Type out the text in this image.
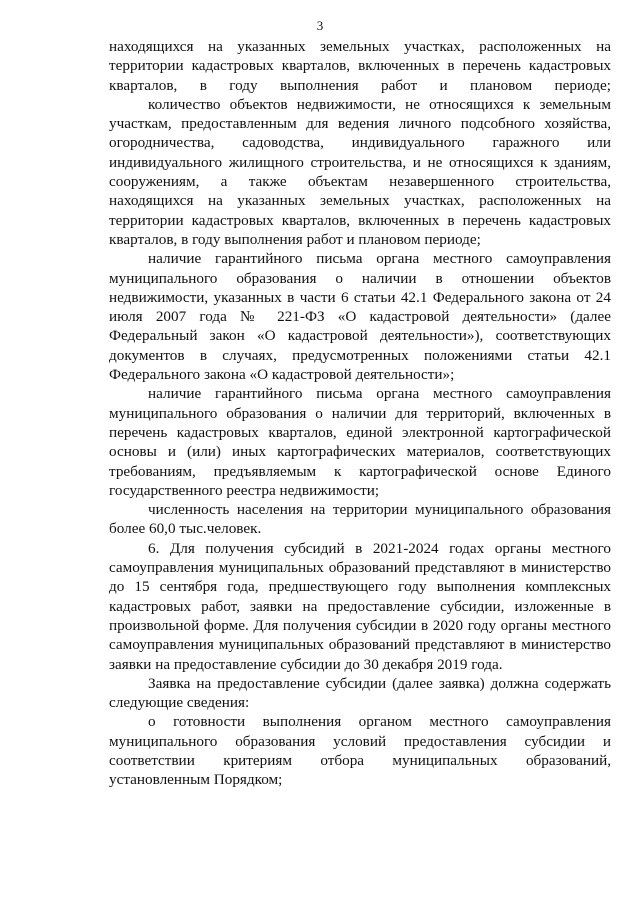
3

находящихся на указанных земельных участках, расположенных на территории кадастровых кварталов, включенных в перечень кадастровых кварталов, в году выполнения работ и плановом периоде;

количество объектов недвижимости, не относящихся к земельным участкам, предоставленным для ведения личного подсобного хозяйства, огородничества, садоводства, индивидуального гаражного или индивидуального жилищного строительства, и не относящихся к зданиям, сооружениям, а также объектам незавершенного строительства, находящихся на указанных земельных участках, расположенных на территории кадастровых кварталов, включенных в перечень кадастровых кварталов, в году выполнения работ и плановом периоде;

наличие гарантийного письма органа местного самоуправления муниципального образования о наличии в отношении объектов недвижимости, указанных в части 6 статьи 42.1 Федерального закона от 24 июля 2007 года № 221-ФЗ «О кадастровой деятельности» (далее Федеральный закон «О кадастровой деятельности»), соответствующих документов в случаях, предусмотренных положениями статьи 42.1 Федерального закона «О кадастровой деятельности»;

наличие гарантийного письма органа местного самоуправления муниципального образования о наличии для территорий, включенных в перечень кадастровых кварталов, единой электронной картографической основы и (или) иных картографических материалов, соответствующих требованиям, предъявляемым к картографической основе Единого государственного реестра недвижимости;

численность населения на территории муниципального образования более 60,0 тыс.человек.

6. Для получения субсидий в 2021-2024 годах органы местного самоуправления муниципальных образований представляют в министерство до 15 сентября года, предшествующего году выполнения комплексных кадастровых работ, заявки на предоставление субсидии, изложенные в произвольной форме. Для получения субсидии в 2020 году органы местного самоуправления муниципальных образований представляют в министерство заявки на предоставление субсидии до 30 декабря 2019 года.

Заявка на предоставление субсидии (далее заявка) должна содержать следующие сведения:

о готовности выполнения органом местного самоуправления муниципального образования условий предоставления субсидии и соответствии критериям отбора муниципальных образований, установленным Порядком;
